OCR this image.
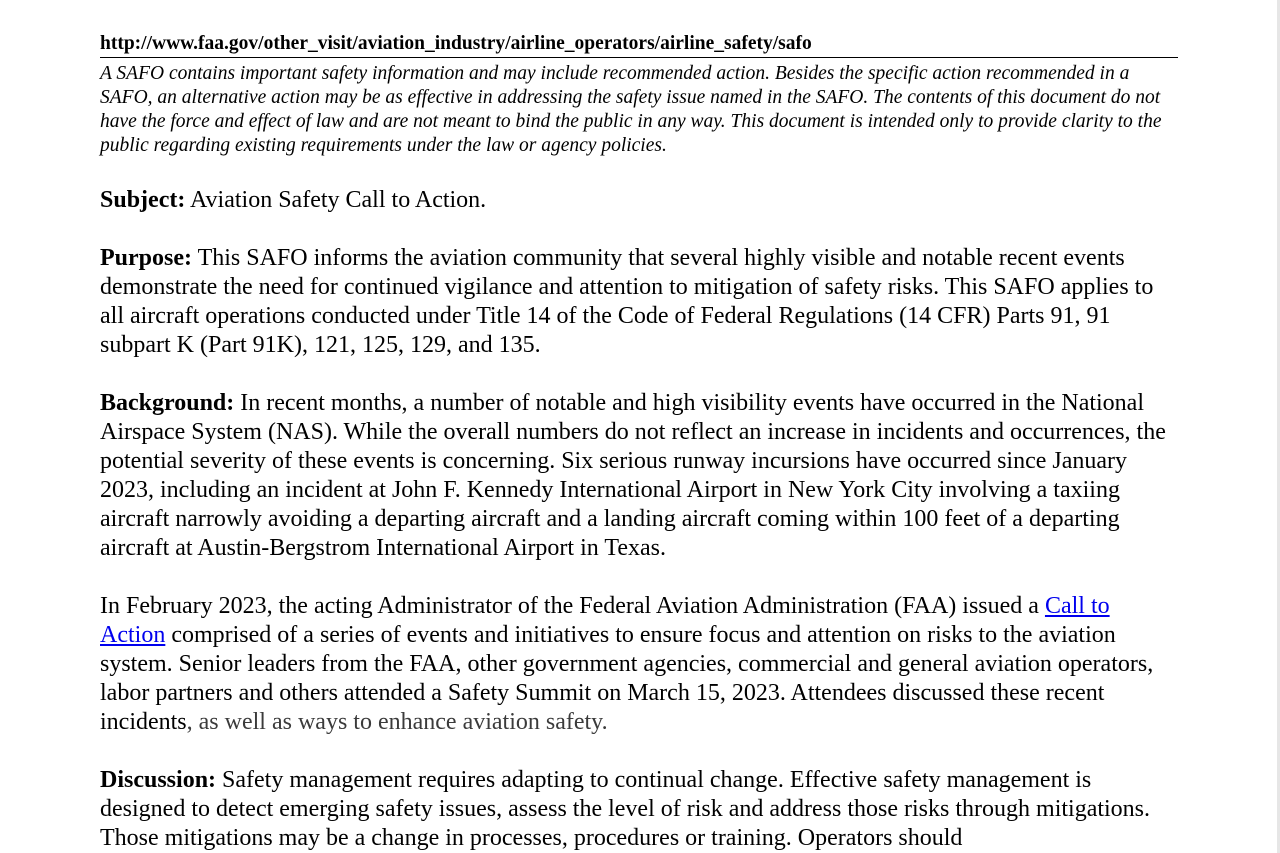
http://www.faa.gov/other_visit/aviation_industry/airline_operators/airline_safety/safo
A SAFO contains important safety information and may include recommended action. Besides the specific action recommended in a SAFO, an alternative action may be as effective in addressing the safety issue named in the SAFO. The contents of this document do not have the force and effect of law and are not meant to bind the public in any way. This document is intended only to provide clarity to the public regarding existing requirements under the law or agency policies.

Subject: Aviation Safety Call to Action.

Purpose: This SAFO informs the aviation community that several highly visible and notable recent events demonstrate the need for continued vigilance and attention to mitigation of safety risks. This SAFO applies to all aircraft operations conducted under Title 14 of the Code of Federal Regulations (14 CFR) Parts 91, 91 subpart K (Part 91K), 121, 125, 129, and 135.

Background: In recent months, a number of notable and high visibility events have occurred in the National Airspace System (NAS). While the overall numbers do not reflect an increase in incidents and occurrences, the potential severity of these events is concerning. Six serious runway incursions have occurred since January 2023, including an incident at John F. Kennedy International Airport in New York City involving a taxiing aircraft narrowly avoiding a departing aircraft and a landing aircraft coming within 100 feet of a departing aircraft at Austin-Bergstrom International Airport in Texas.

In February 2023, the acting Administrator of the Federal Aviation Administration (FAA) issued a Call to Action comprised of a series of events and initiatives to ensure focus and attention on risks to the aviation system. Senior leaders from the FAA, other government agencies, commercial and general aviation operators, labor partners and others attended a Safety Summit on March 15, 2023. Attendees discussed these recent incidents, as well as ways to enhance aviation safety.

Discussion: Safety management requires adapting to continual change. Effective safety management is designed to detect emerging safety issues, assess the level of risk and address those risks through mitigations. Those mitigations may be a change in processes, procedures or training. Operators should
